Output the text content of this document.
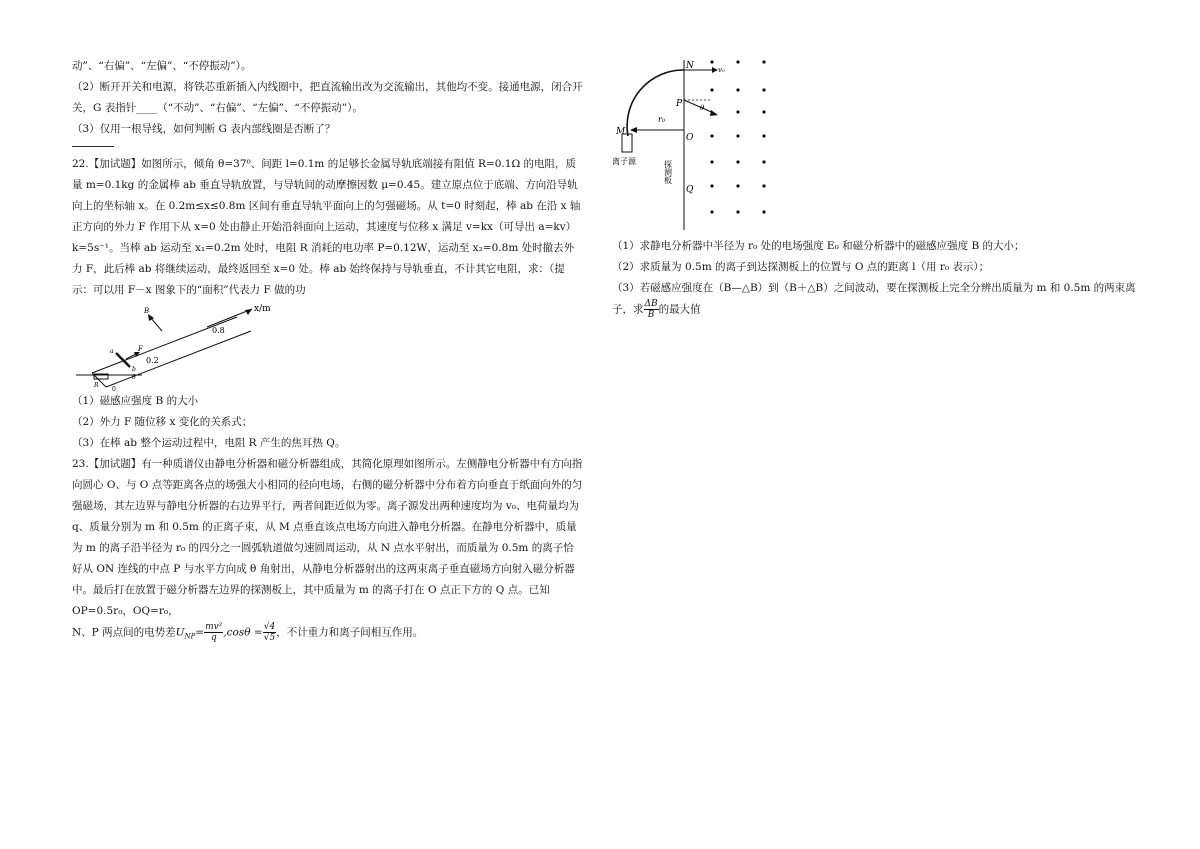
动”、“右偏”、“左偏”、“不停振动”）。

（2）断开开关和电源，将铁芯重新插入内线圈中，把直流输出改为交流输出，其他均不变。接通电源，闭合开关，G 表指针____（“不动”、“右偏”、“左偏”、“不停振动”）。

（3）仅用一根导线，如何判断 G 表内部线圈是否断了？

22.【加试题】如图所示，倾角 θ=37⁰、间距 l=0.1m 的足够长金属导轨底端接有阻值 R=0.1Ω 的电阻，质量 m=0.1kg 的金属棒 ab 垂直导轨放置，与导轨间的动摩擦因数 μ=0.45。建立原点位于底端、方向沿导轨向上的坐标轴 x。在 0.2m≤x≤0.8m 区间有垂直导轨平面向上的匀强磁场。从 t=0 时刻起，棒 ab 在沿 x 轴正方向的外力 F 作用下从 x=0 处由静止开始沿斜面向上运动，其速度与位移 x 满足 v=kx（可导出 a=kv）k=5s⁻¹。当棒 ab 运动至 x₁=0.2m 处时，电阻 R 消耗的电功率 P=0.12W，运动至 x₂=0.8m 处时撤去外力 F，此后棒 ab 将继续运动，最终返回至 x=0 处。棒 ab 始终保持与导轨垂直，不计其它电阻，求：（提示：可以用 F－x 图象下的“面积”代表力 F 做的功

B	x/m
0.8
0.2
F
a
b
R
0
θ

（1）磁感应强度 B 的大小

（2）外力 F 随位移 x 变化的关系式；

（3）在棒 ab 整个运动过程中，电阻 R 产生的焦耳热 Q。

23.【加试题】有一种质谱仪由静电分析器和磁分析器组成，其简化原理如图所示。左侧静电分析器中有方向指向圆心 O、与 O 点等距离各点的场强大小相同的径向电场，右侧的磁分析器中分布着方向垂直于纸面向外的匀强磁场，其左边界与静电分析器的右边界平行，两者间距近似为零。离子源发出两种速度均为 v₀、电荷量均为 q、质量分别为 m 和 0.5m 的正离子束，从 M 点垂直该点电场方向进入静电分析器。在静电分析器中，质量为 m 的离子沿半径为 r₀ 的四分之一圆弧轨道做匀速圆周运动，从 N 点水平射出，而质量为 0.5m 的离子恰好从 ON 连线的中点 P 与水平方向成 θ 角射出，从静电分析器射出的这两束离子垂直磁场方向射入磁分析器中。最后打在放置于磁分析器左边界的探测板上，其中质量为 m 的离子打在 O 点正下方的 Q 点。已知 OP=0.5r₀，OQ=r₀，

N、P 两点间的电势差$U_{NP}= \frac{\text{mv²}}{q} ,\cos\theta = \frac{√4}{√5}$ ，不计重力和离子间相互作用。

N	v₀
P	θ
r₀
M
O
Q
离子源	探测板

（1）求静电分析器中半径为 r₀ 处的电场强度 E₀ 和磁分析器中的磁感应强度 B 的大小；

（2）求质量为 0.5m 的离子到达探测板上的位置与 O 点的距离 l（用 r₀ 表示）；

（3）若磁感应强度在（B—△B）到（B＋△B）之间波动，要在探测板上完全分辨出质量为 m 和 0.5m 的两束离子，求 $\frac{\Delta B}{B}$ 的最大值
